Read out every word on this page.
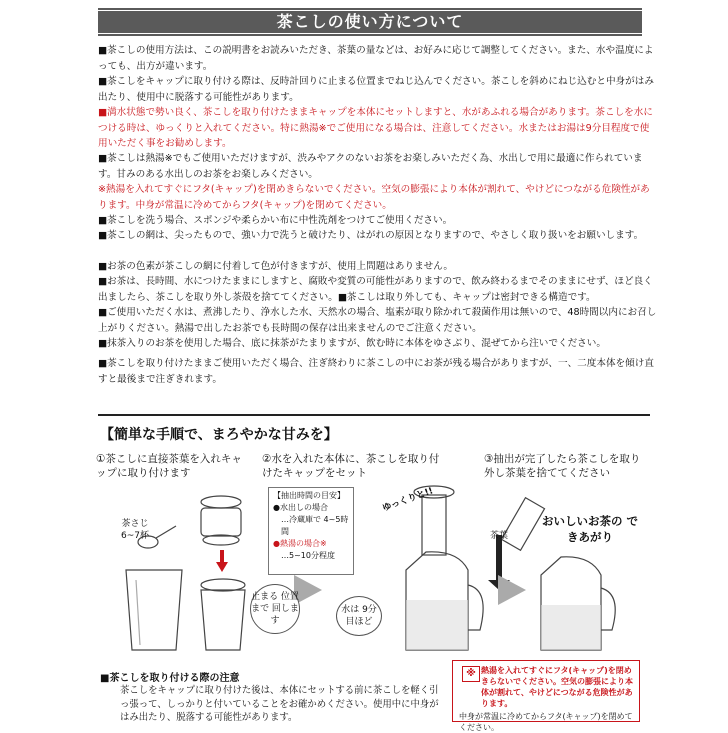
茶こしの使い方について
■茶こしの使用方法は、この説明書をお読みいただき、茶葉の量などは、お好みに応じて調整してください。また、水や温度によっても、出方が違います。
■茶こしをキャップに取り付ける際は、反時計回りに止まる位置までねじ込んでください。茶こしを斜めにねじ込むと中身がはみ出たり、使用中に脱落する可能性があります。
■満水状態で勢い良く、茶こしを取り付けたままキャップを本体にセットしますと、水があふれる場合があります。茶こしを水につける時は、ゆっくりと入れてください。特に熱湯※でご使用になる場合は、注意してください。水またはお湯は9分目程度で使用いただく事をお勧めします。
■茶こしは熱湯※でもご使用いただけますが、渋みやアクのないお茶をお楽しみいただく為、水出しで用に最適に作られています。甘みのある水出しのお茶をお楽しみください。
※熱湯を入れてすぐにフタ(キャップ)を閉めきらないでください。空気の膨張により本体が割れて、やけどにつながる危険性があります。中身が常温に冷めてからフタ(キャップ)を閉めてください。
■茶こしを洗う場合、スポンジや柔らかい布に中性洗剤をつけてご使用ください。
■茶こしの網は、尖ったもので、強い力で洗うと破けたり、はがれの原因となりますので、やさしく取り扱いをお願いします。
■お茶の色素が茶こしの網に付着して色が付きますが、使用上問題はありません。
■お茶は、長時間、水につけたままにしますと、腐敗や変質の可能性がありますので、飲み終わるまでそのままにせず、ほど良く出ましたら、茶こしを取り外し茶殻を捨ててください。■茶こしは取り外しても、キャップは密封できる構造です。
■ご使用いただく水は、煮沸したり、浄水した水、天然水の場合、塩素が取り除かれて殺菌作用は無いので、48時間以内にお召し上がりください。熱湯で出したお茶でも長時間の保存は出来ませんのでご注意ください。
■抹茶入りのお茶を使用した場合、底に抹茶がたまりますが、飲む時に本体をゆさぶり、混ぜてから注いでください。
■茶こしを取り付けたままご使用いただく場合、注ぎ終わりに茶こしの中にお茶が残る場合がありますが、一、二度本体を傾け直すと最後まで注ぎきれます。
【簡単な手順で、まろやかな甘みを】
①茶こしに直接茶葉を入れキャップに取り付けます
②水を入れた本体に、茶こしを取り付けたキャップをセット
③抽出が完了したら茶こしを取り外し茶葉を捨ててください
茶さじ 6~7杯
止まる 位置まで 回します
【抽出時間の目安】
●水出しの場合
…冷蔵庫で 4~5時間
●熱湯の場合※
…5~10分程度
ゆっくりと!!
水は 9分目ほど
茶葉
おいしいお茶の できあがり
■茶こしを取り付ける際の注意
茶こしをキャップに取り付けた後は、本体にセットする前に茶こしを軽く引っ張って、しっかりと付いていることをお確かめください。使用中に中身がはみ出たり、脱落する可能性があります。
熱湯を入れてすぐにフタ(キャップ)を閉めきらないでください。空気の膨張により本体が割れて、やけどにつながる危険性があります。
中身が常温に冷めてからフタ(キャップ)を閉めてください。
※
